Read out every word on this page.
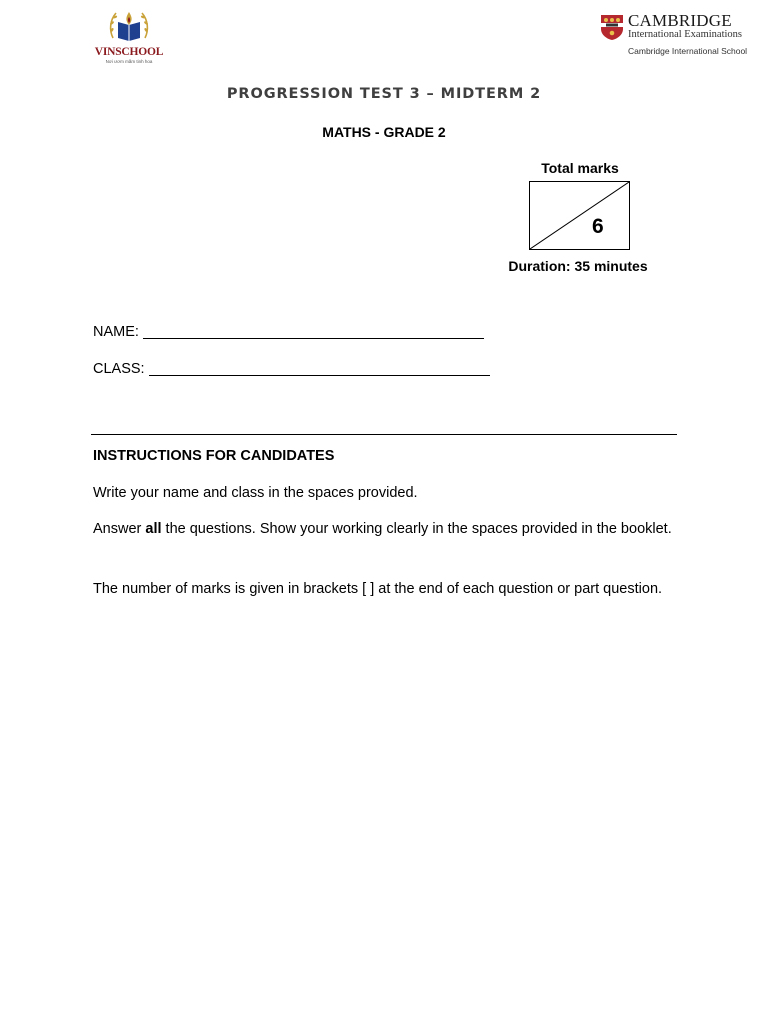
VINSCHOOL
Nơi ươm mầm tinh hoa
CAMBRIDGE
International Examinations
Cambridge International School
PROGRESSION TEST 3 – MIDTERM 2
MATHS - GRADE 2
Total marks
6
Duration: 35 minutes
NAME:
CLASS:
INSTRUCTIONS FOR CANDIDATES
Write your name and class in the spaces provided.
Answer all the questions. Show your working clearly in the spaces provided in the booklet.
The number of marks is given in brackets [ ] at the end of each question or part question.
